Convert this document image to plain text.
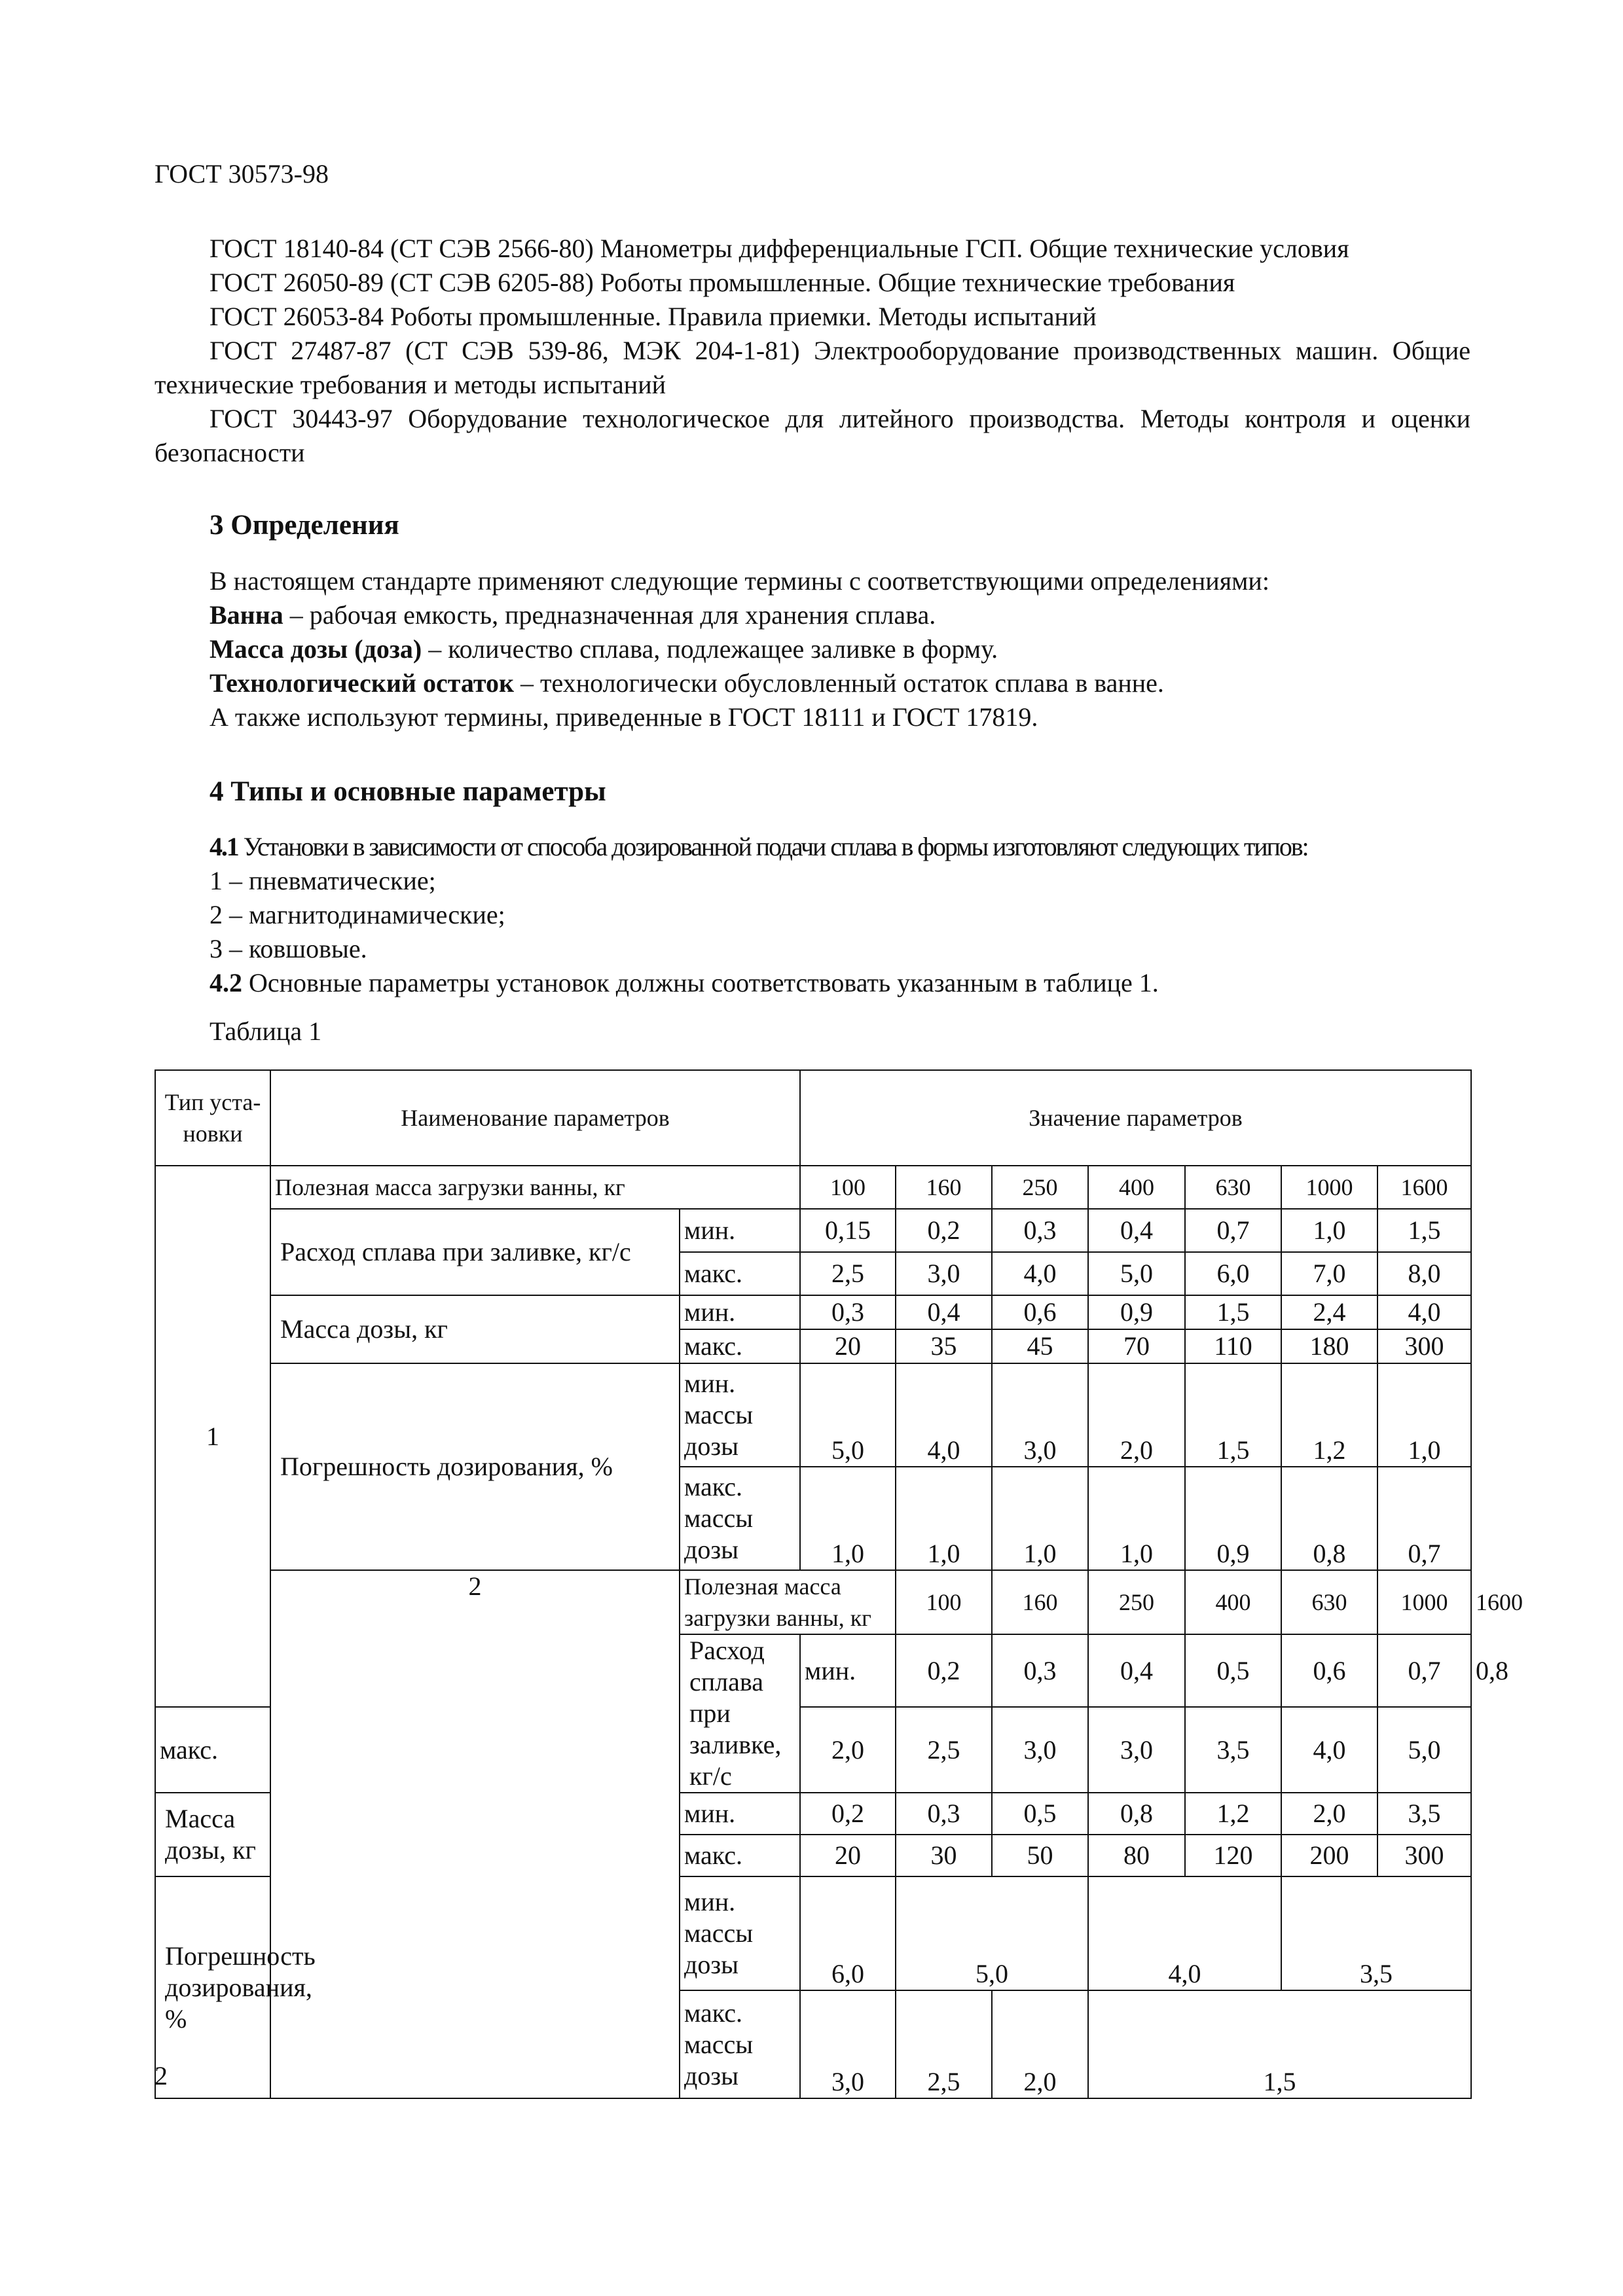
ГОСТ 30573-98

ГОСТ 18140-84 (СТ СЭВ 2566-80) Манометры дифференциальные ГСП. Общие технические условия

ГОСТ 26050-89 (СТ СЭВ 6205-88) Роботы промышленные. Общие технические требования

ГОСТ 26053-84 Роботы промышленные. Правила приемки. Методы испытаний

ГОСТ 27487-87 (СТ СЭВ 539-86, МЭК 204-1-81) Электрооборудование производственных машин. Общие технические требования и методы испытаний

ГОСТ 30443-97 Оборудование технологическое для литейного производства. Методы контроля и оценки безопасности

3 Определения

В настоящем стандарте применяют следующие термины с соответствующими определениями:

Ванна – рабочая емкость, предназначенная для хранения сплава.

Масса дозы (доза) – количество сплава, подлежащее заливке в форму.

Технологический остаток – технологически обусловленный остаток сплава в ванне.

А также используют термины, приведенные в ГОСТ 18111 и ГОСТ 17819.

4 Типы и основные параметры

4.1 Установки в зависимости от способа дозированной подачи сплава в формы изготовляют следующих типов:

1 – пневматические;

2 – магнитодинамические;

3 – ковшовые.

4.2 Основные параметры установок должны соответствовать указанным в таблице 1.

Таблица 1
Тип уста-новки	Наименование параметров		Значение параметров							
1	Полезная масса загрузки ванны, кг		100	160	250	400	630	1000	1600	
	Расход сплава при заливке, кг/с	мин.	0,15	0,2	0,3	0,4	0,7	1,0	1,5	
		макс.	2,5	3,0	4,0	5,0	6,0	7,0	8,0	
	Масса дозы, кг	мин.	0,3	0,4	0,6	0,9	1,5	2,4	4,0	
		макс.	20	35	45	70	110	180	300	
	Погрешность дозирования, %	мин. массы дозы	5,0	4,0	3,0	2,0	1,5	1,2	1,0	
		макс. массы дозы	1,0	1,0	1,0	1,0	0,9	0,8	0,7	
	2	Полезная масса загрузки ванны, кг		100	160	250	400	630	1000	1600
		Расход сплава при заливке, кг/с	мин.	0,2	0,3	0,4	0,5	0,6	0,7	0,8
макс.			2,0	2,5	3,0	3,0	3,5	4,0	5,0	
Масса дозы, кг		мин.	0,2	0,3	0,5	0,8	1,2	2,0	3,5	
		макс.	20	30	50	80	120	200	300	
Погрешность дозирования, %		мин. массы дозы	6,0	5,0		4,0		3,5		
		макс. массы дозы	3,0	2,5	2,0	1,5				
2
